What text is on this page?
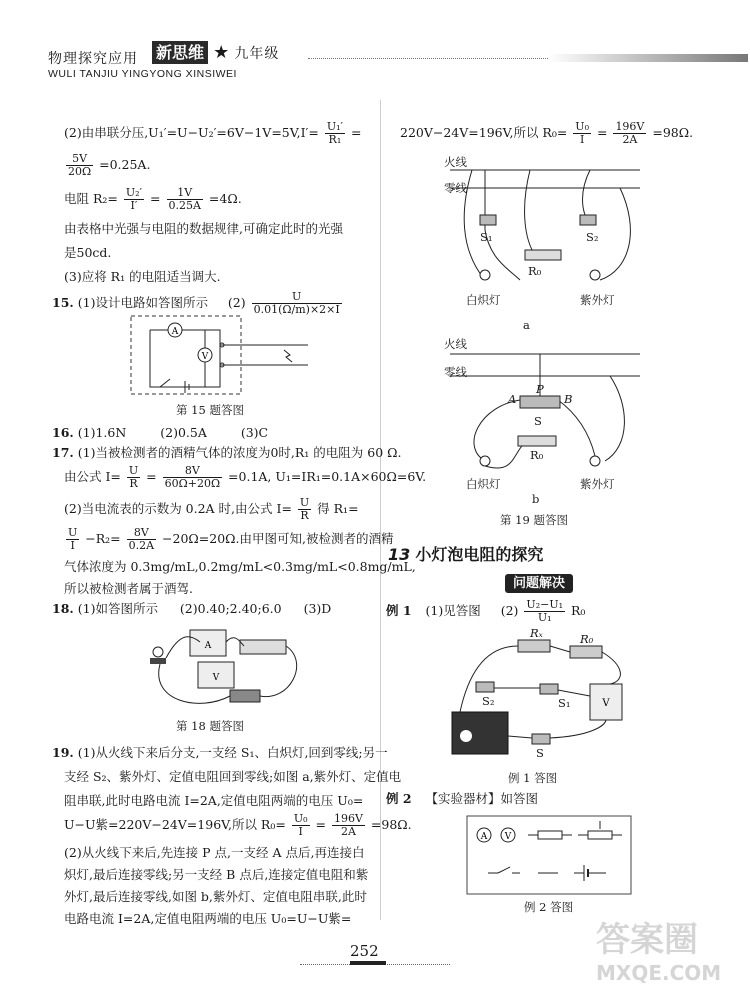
物理探究应用 新思维 ★ 九年级
WULI TANJIU YINGYONG XINSIWEI
(2)由串联分压$,U_1'=U-U_2'=6V-1V=5V,I'= \frac{\text{U₁′}}{\text{R₁}}$ =
$\frac{5V}{20\Omega} =0.25A$.
电阻 $R_2= \frac{\text{U₂′}}{I'} = \frac{1V}{0.25A} =4\Omega$.
由表格中光强与电阻的数据规律,可确定此时的光强
是50cd.
(3)应将 R₁ 的电阻适当调大.
15. (1)设计电路如答图所示 $(2) \frac{U}{0.01(\Omega/m)\times 2\times I}$
A
V
第 15 题答图
16. (1)1.6N	(2)0.5A	(3)C
17. (1)当被检测者的酒精气体的浓度为0时,R₁ 的电阻为 60 Ω.
由公式 $I= \frac{U}{R} = \frac{8V}{60\Omega+20\Omega} =0.1A$, U₁=IR₁=0.1A×60Ω=6V.
(2)当电流表的示数为 0.2A 时,由公式 $I= \frac{U}{R}$ 得 R₁=
$\frac{U}{I} -R_2= \frac{8V}{0.2A} -20\Omega=20\Omega$.由甲图可知,被检测者的酒精
气体浓度为 0.3mg/mL,0.2mg/mL<0.3mg/mL<0.8mg/mL,
所以被检测者属于酒驾.
18. (1)如答图所示 (2)0.40;2.40;6.0 (3)D
A
V
第 18 题答图
19. (1)从火线下来后分支,一支经 S₁、白炽灯,回到零线;另一
支经 S₂、紫外灯、定值电阻回到零线;如图 a,紫外灯、定值电
阻串联,此时电路电流 I=2A,定值电阻两端的电压 U₀=
U−U紫=220V−24V=196V,所以 $R_0= \frac{\text{U₀}}{I} = \frac{196V}{2A} =98\Omega$.
(2)从火线下来后,先连接 P 点,一支经 A 点后,再连接白
炽灯,最后连接零线;另一支经 B 点后,连接定值电阻和紫
外灯,最后连接零线,如图 b,紫外灯、定值电阻串联,此时
电路电流 I=2A,定值电阻两端的电压 U₀=U−U紫=
220V−24V=196V,所以 $R_0= \frac{\text{U₀}}{I} = \frac{196V}{2A} =98\Omega$.
火线
零线
S₁	S₂
R₀
白炽灯	紫外灯
a
火线
零线
A
P
B
S
R₀
白炽灯	紫外灯
b
第 19 题答图
13 小灯泡电阻的探究
问题解决
例 1 (1)见答图 $(2) \frac{\text{U₂−U₁}}{\text{U₁}} R_0$
V
Rₓ	R₀
S₂	S₁
S
例 1 答图
例 2 【实验器材】如答图
A V
例 2 答图
252	答案圈
MXQE.COM
